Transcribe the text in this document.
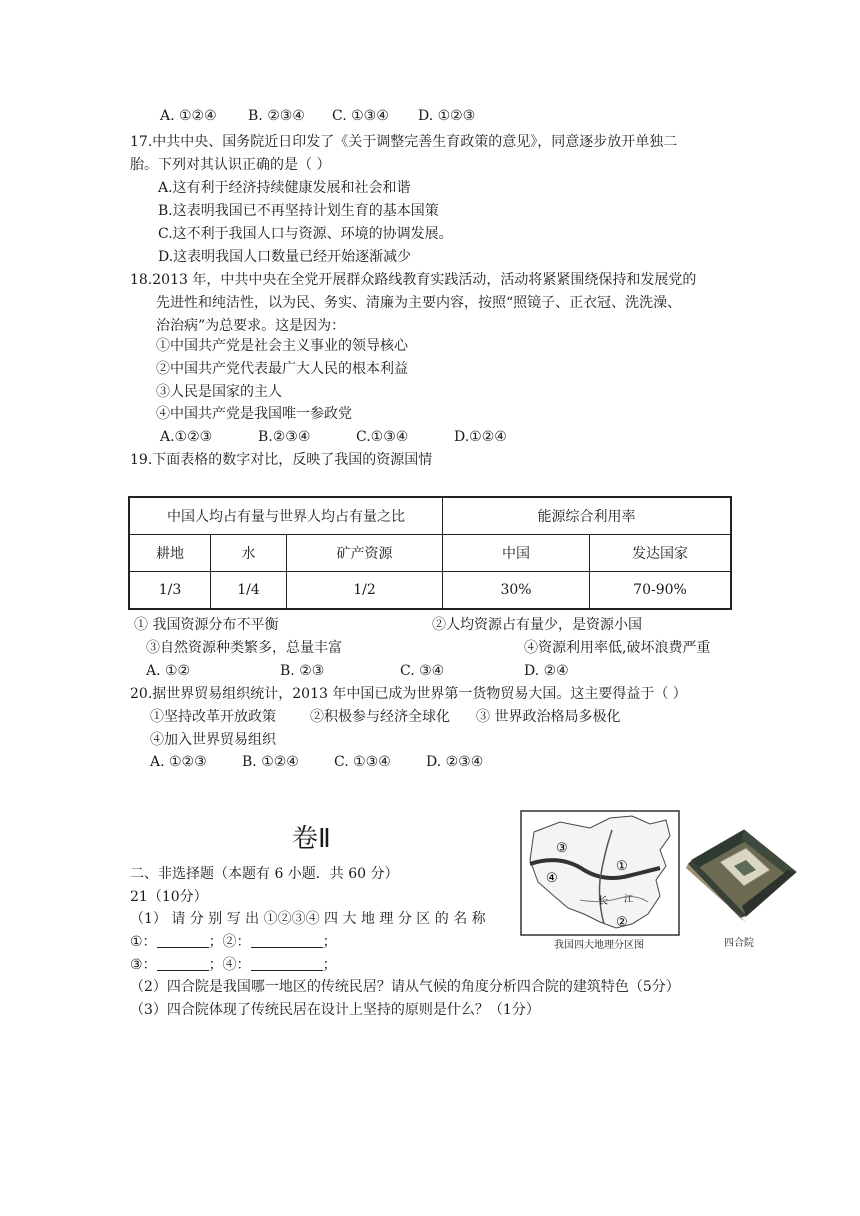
A. ①②④ B. ②③④ C. ①③④ D. ①②③
17.中共中央、国务院近日印发了《关于调整完善生育政策的意见》，同意逐步放开单独二
胎。下列对其认识正确的是（ ）
A.这有利于经济持续健康发展和社会和谐
B.这表明我国已不再坚持计划生育的基本国策
C.这不利于我国人口与资源、环境的协调发展。
D.这表明我国人口数量已经开始逐渐减少
18.2013 年，中共中央在全党开展群众路线教育实践活动，活动将紧紧围绕保持和发展党的
先进性和纯洁性，以为民、务实、清廉为主要内容，按照“照镜子、正衣冠、洗洗澡、
治治病”为总要求。这是因为：
①中国共产党是社会主义事业的领导核心
②中国共产党代表最广大人民的根本利益
③人民是国家的主人
④中国共产党是我国唯一参政党
A.①②③	B.②③④	C.①③④	D.①②④
19.下面表格的数字对比，反映了我国的资源国情
中国人均占有量与世界人均占有量之比			能源综合利用率	
耕地	水	矿产资源	中国	发达国家
1/3	1/4	1/2	30%	70-90%
① 我国资源分布不平衡	②人均资源占有量少，是资源小国
③自然资源种类繁多，总量丰富	④资源利用率低,破坏浪费严重
A. ①②	B. ②③	C. ③④	D. ②④
20.据世界贸易组织统计，2013 年中国已成为世界第一货物贸易大国。这主要得益于（ ）
①坚持改革开放政策 ②积极参与经济全球化 ③ 世界政治格局多极化
④加入世界贸易组织
A. ①②③	B. ①②④	C. ①③④	D. ②③④
卷Ⅱ
二、非选择题（本题有 6 小题．共 60 分）
21（10分）
（1） 请 分 别 写 出 ①②③④ 四 大 地 理 分 区 的 名 称
①：	；②：	；
③：	；④：	；
（2）四合院是我国哪一地区的传统民居？请从气候的角度分析四合院的建筑特色（5分）
（3）四合院体现了传统民居在设计上坚持的原则是什么？（1分）
①
②
③
④
长 江
我国四大地理分区图	四合院
